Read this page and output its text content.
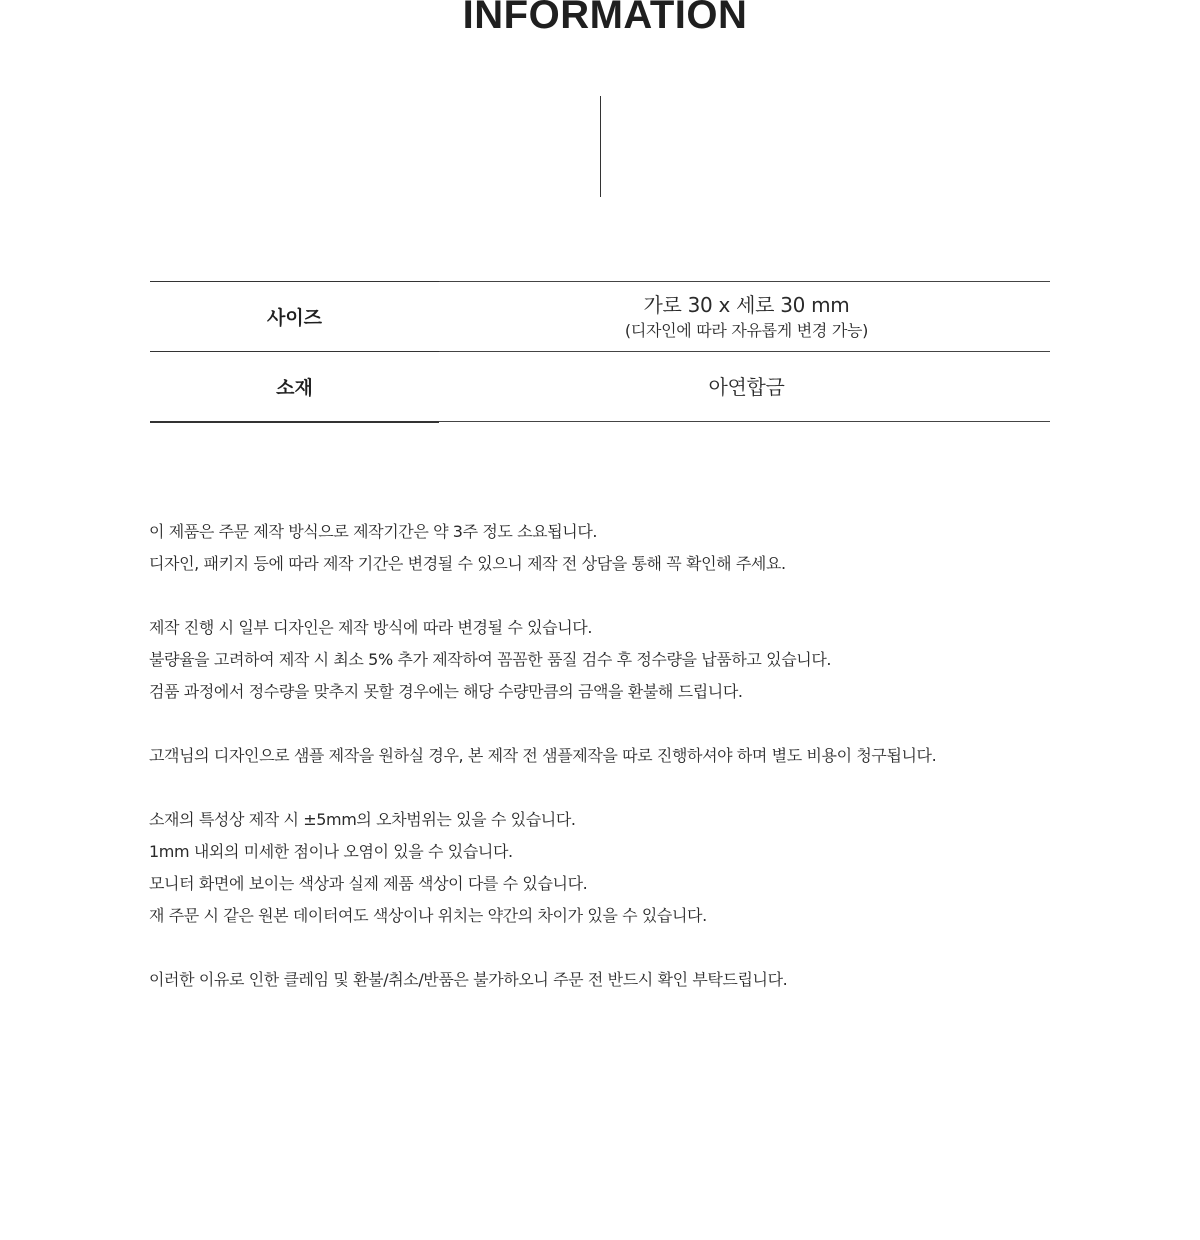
INFORMATION
사이즈
가로 30 x 세로 30 mm
(디자인에 따라 자유롭게 변경 가능)
소재	아연합금
이 제품은 주문 제작 방식으로 제작기간은 약 3주 정도 소요됩니다.
디자인, 패키지 등에 따라 제작 기간은 변경될 수 있으니 제작 전 상담을 통해 꼭 확인해 주세요.
제작 진행 시 일부 디자인은 제작 방식에 따라 변경될 수 있습니다.
불량율을 고려하여 제작 시 최소 5% 추가 제작하여 꼼꼼한 품질 검수 후 정수량을 납품하고 있습니다.
검품 과정에서 정수량을 맞추지 못할 경우에는 해당 수량만큼의 금액을 환불해 드립니다.
고객님의 디자인으로 샘플 제작을 원하실 경우, 본 제작 전 샘플제작을 따로 진행하셔야 하며 별도 비용이 청구됩니다.
소재의 특성상 제작 시 ±5mm의 오차범위는 있을 수 있습니다.
1mm 내외의 미세한 점이나 오염이 있을 수 있습니다.
모니터 화면에 보이는 색상과 실제 제품 색상이 다를 수 있습니다.
재 주문 시 같은 원본 데이터여도 색상이나 위치는 약간의 차이가 있을 수 있습니다.
이러한 이유로 인한 클레임 및 환불/취소/반품은 불가하오니 주문 전 반드시 확인 부탁드립니다.
